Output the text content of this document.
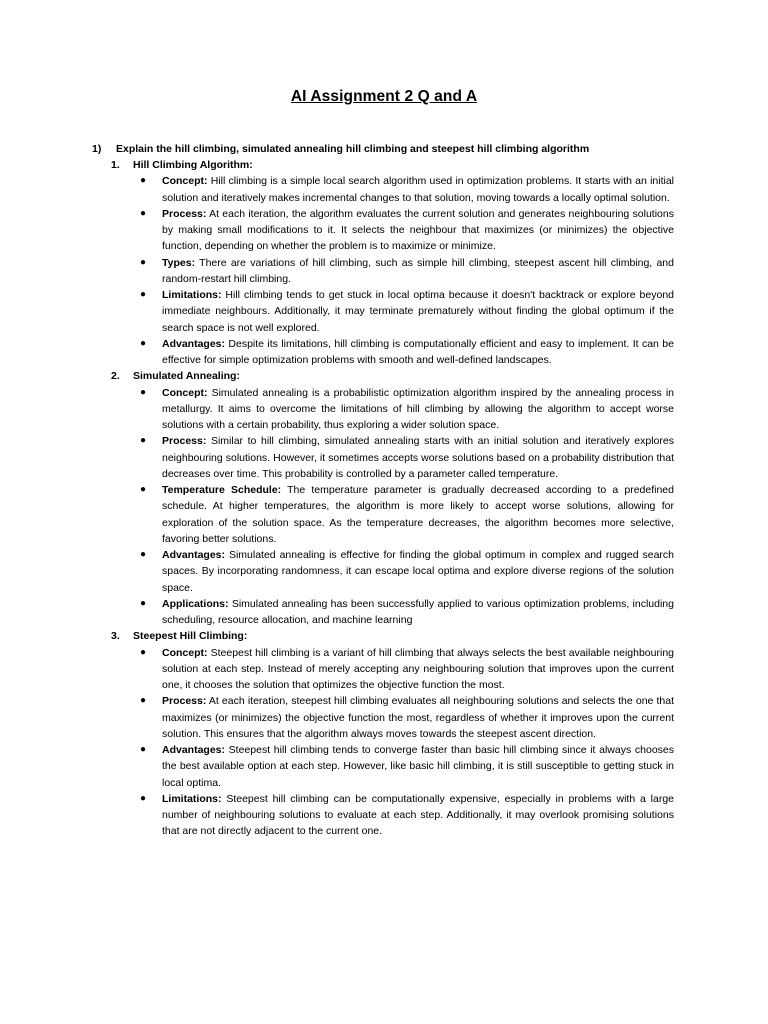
AI Assignment 2 Q and A
1) Explain the hill climbing, simulated annealing hill climbing and steepest hill climbing algorithm
1. Hill Climbing Algorithm:
● Concept: Hill climbing is a simple local search algorithm used in optimization problems. It starts with an initial solution and iteratively makes incremental changes to that solution, moving towards a locally optimal solution.
● Process: At each iteration, the algorithm evaluates the current solution and generates neighbouring solutions by making small modifications to it. It selects the neighbour that maximizes (or minimizes) the objective function, depending on whether the problem is to maximize or minimize.
● Types: There are variations of hill climbing, such as simple hill climbing, steepest ascent hill climbing, and random-restart hill climbing.
● Limitations: Hill climbing tends to get stuck in local optima because it doesn't backtrack or explore beyond immediate neighbours. Additionally, it may terminate prematurely without finding the global optimum if the search space is not well explored.
● Advantages: Despite its limitations, hill climbing is computationally efficient and easy to implement. It can be effective for simple optimization problems with smooth and well-defined landscapes.
2. Simulated Annealing:
● Concept: Simulated annealing is a probabilistic optimization algorithm inspired by the annealing process in metallurgy. It aims to overcome the limitations of hill climbing by allowing the algorithm to accept worse solutions with a certain probability, thus exploring a wider solution space.
● Process: Similar to hill climbing, simulated annealing starts with an initial solution and iteratively explores neighbouring solutions. However, it sometimes accepts worse solutions based on a probability distribution that decreases over time. This probability is controlled by a parameter called temperature.
● Temperature Schedule: The temperature parameter is gradually decreased according to a predefined schedule. At higher temperatures, the algorithm is more likely to accept worse solutions, allowing for exploration of the solution space. As the temperature decreases, the algorithm becomes more selective, favoring better solutions.
● Advantages: Simulated annealing is effective for finding the global optimum in complex and rugged search spaces. By incorporating randomness, it can escape local optima and explore diverse regions of the solution space.
● Applications: Simulated annealing has been successfully applied to various optimization problems, including scheduling, resource allocation, and machine learning
3. Steepest Hill Climbing:
● Concept: Steepest hill climbing is a variant of hill climbing that always selects the best available neighbouring solution at each step. Instead of merely accepting any neighbouring solution that improves upon the current one, it chooses the solution that optimizes the objective function the most.
● Process: At each iteration, steepest hill climbing evaluates all neighbouring solutions and selects the one that maximizes (or minimizes) the objective function the most, regardless of whether it improves upon the current solution. This ensures that the algorithm always moves towards the steepest ascent direction.
● Advantages: Steepest hill climbing tends to converge faster than basic hill climbing since it always chooses the best available option at each step. However, like basic hill climbing, it is still susceptible to getting stuck in local optima.
● Limitations: Steepest hill climbing can be computationally expensive, especially in problems with a large number of neighbouring solutions to evaluate at each step. Additionally, it may overlook promising solutions that are not directly adjacent to the current one.
